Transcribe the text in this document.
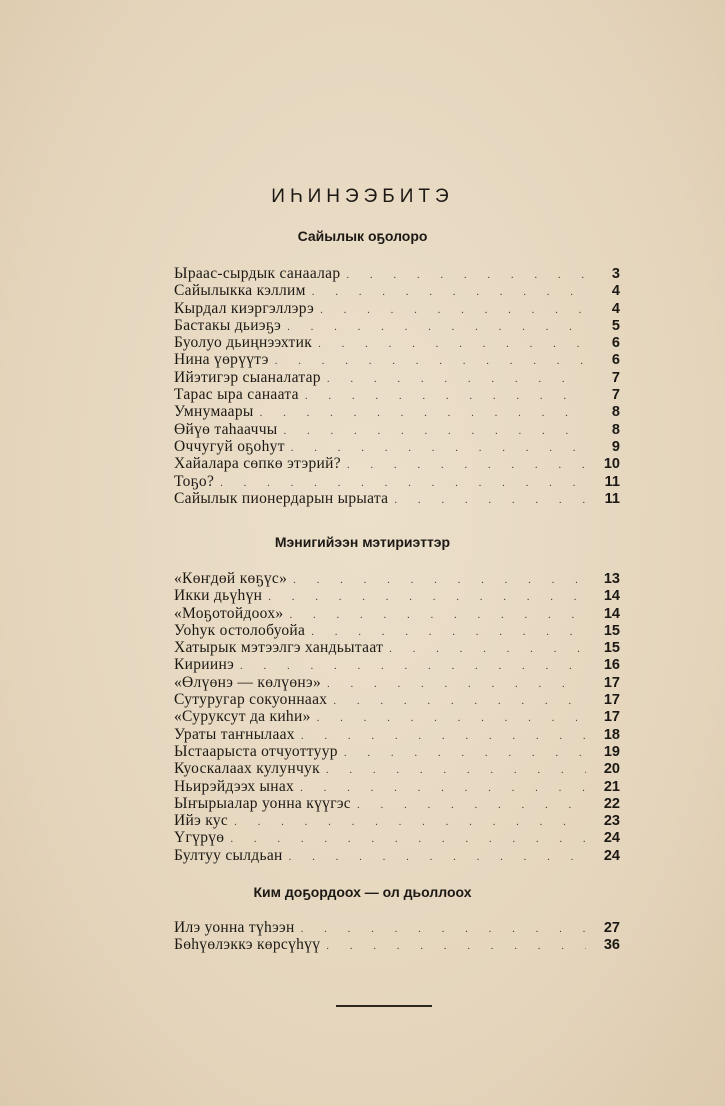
ИҺИНЭЭБИТЭ
Сайылык оҕолоро
Ыраас-сырдык санаалар . . .	3
Сайылыкка кэллим . . .	4
Кырдал киэргэллэрэ . . .	4
Бастакы дьиэҕэ . . .	5
Буолуо дьиңнээхтик . . .	6
Нина үөрүүтэ . . .	6
Ийэтигэр сыаналатар . . .	7
Тарас ыра санаата . . .	7
Умнумаары . . .	8
Өйүө таһааччы . . .	8
Оччугуй оҕоһут . . .	9
Хайалара сөпкө этэрий? . . .	10
Тоҕо? . . .	11
Сайылык пионердарын ырыата . . .	11
Мэнигийээн мэтириэттэр
«Көҥдөй көҕүс» . . .	13
Икки дьүһүн . . .	14
«Моҕотойдоох» . . .	14
Уоһук остолобуойа . . .	15
Хатырык мэтээлгэ хандьытаат . . .	15
Кириинэ . . .	16
«Өлүөнэ — көлүөнэ» . . .	17
Сутуругар сокуоннаах . . .	17
«Суруксут да киһи» . . .	17
Ураты таҥнылаах . . .	18
Ыстаарыста отчуоттуур . . .	19
Куоскалаах кулунчук . . .	20
Ньирэйдээх ынах . . .	21
Ыҥырыалар уонна күүгэс . . .	22
Ийэ кус . . .	23
Үгүрүө . . .	24
Бултуу сылдьан . . .	24
Ким доҕордоох — ол дьоллоох
Илэ уонна түһээн . . .	27
Бөһүөлэккэ көрсүһүү . . .	36
